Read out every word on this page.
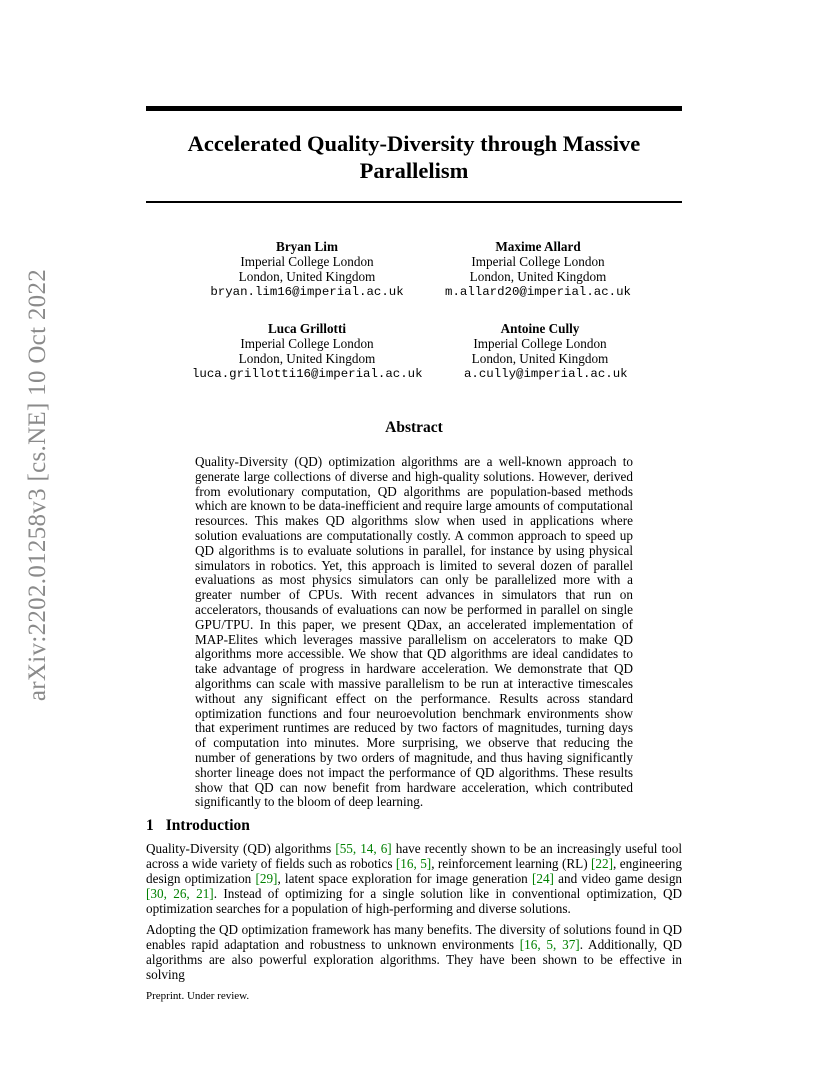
arXiv:2202.01258v3 [cs.NE] 10 Oct 2022
Accelerated Quality-Diversity through Massive Parallelism
Bryan Lim
Imperial College London
London, United Kingdom
bryan.lim16@imperial.ac.uk
Maxime Allard
Imperial College London
London, United Kingdom
m.allard20@imperial.ac.uk
Luca Grillotti
Imperial College London
London, United Kingdom
luca.grillotti16@imperial.ac.uk
Antoine Cully
Imperial College London
London, United Kingdom
a.cully@imperial.ac.uk
Abstract

Quality-Diversity (QD) optimization algorithms are a well-known approach to generate large collections of diverse and high-quality solutions. However, derived from evolutionary computation, QD algorithms are population-based methods which are known to be data-inefficient and require large amounts of computational resources. This makes QD algorithms slow when used in applications where solution evaluations are computationally costly. A common approach to speed up QD algorithms is to evaluate solutions in parallel, for instance by using physical simulators in robotics. Yet, this approach is limited to several dozen of parallel evaluations as most physics simulators can only be parallelized more with a greater number of CPUs. With recent advances in simulators that run on accelerators, thousands of evaluations can now be performed in parallel on single GPU/TPU. In this paper, we present QDax, an accelerated implementation of MAP-Elites which leverages massive parallelism on accelerators to make QD algorithms more accessible. We show that QD algorithms are ideal candidates to take advantage of progress in hardware acceleration. We demonstrate that QD algorithms can scale with massive parallelism to be run at interactive timescales without any significant effect on the performance. Results across standard optimization functions and four neuroevolution benchmark environments show that experiment runtimes are reduced by two factors of magnitudes, turning days of computation into minutes. More surprising, we observe that reducing the number of generations by two orders of magnitude, and thus having significantly shorter lineage does not impact the performance of QD algorithms. These results show that QD can now benefit from hardware acceleration, which contributed significantly to the bloom of deep learning.

1 Introduction

Quality-Diversity (QD) algorithms [55, 14, 6] have recently shown to be an increasingly useful tool across a wide variety of fields such as robotics [16, 5], reinforcement learning (RL) [22], engineering design optimization [29], latent space exploration for image generation [24] and video game design [30, 26, 21]. Instead of optimizing for a single solution like in conventional optimization, QD optimization searches for a population of high-performing and diverse solutions.

Adopting the QD optimization framework has many benefits. The diversity of solutions found in QD enables rapid adaptation and robustness to unknown environments [16, 5, 37]. Additionally, QD algorithms are also powerful exploration algorithms. They have been shown to be effective in solving

Preprint. Under review.
